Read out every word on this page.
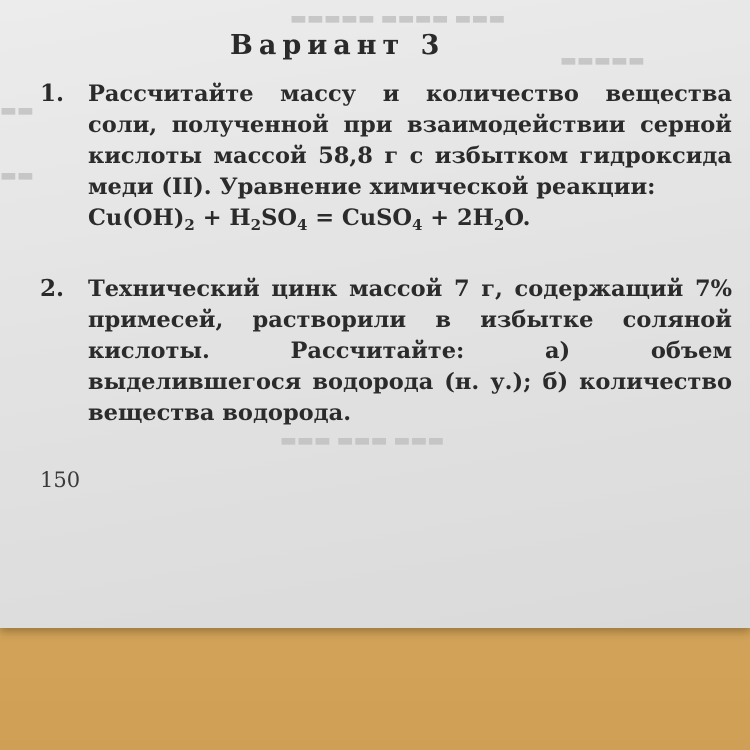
▬▬▬ ▬▬▬▬ ▬▬▬▬▬
▬▬▬▬▬
▬▬
▬▬
▬▬▬ ▬▬▬ ▬▬▬
Вариант 3
1. Рассчитайте массу и количество вещества соли, полученной при взаимодействии серной кислоты массой 58,8 г с избытком гидроксида меди (II). Уравнение химической реакции:
$Cu(OH)_2 + H_2SO_4$ = CuSO$_4$ + $2H_2O$.
2. Технический цинк массой 7 г, содержащий 7% примесей, растворили в избытке соляной кислоты. Рассчитайте: а) объем выделившегося водорода (н. у.); б) количество вещества водорода.
150
